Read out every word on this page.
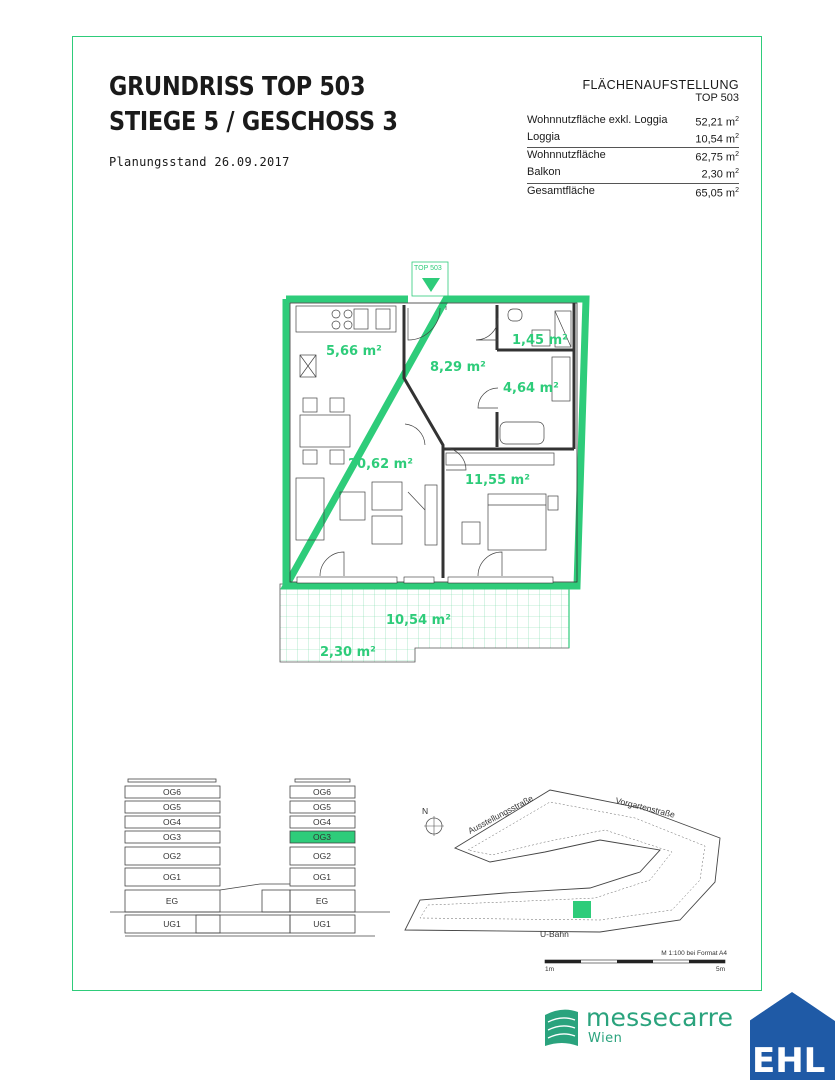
GRUNDRISS TOP 503
STIEGE 5 / GESCHOSS 3
Planungsstand 26.09.2017
FLÄCHENAUFSTELLUNG
TOP 503
Wohnnutzfläche exkl. Loggia	52,21 $m^2$
Loggia	10,54 $m^2$
Wohnnutzfläche	62,75 $m^2$
Balkon	2,30 $m^2$
Gesamtfläche	65,05 $m^2$
TOP 503
5,66 m²
8,29 m²
1,45 m²
4,64 m²
20,62 m²
11,55 m²
10,54 m²
2,30 m²
OG6
OG5
OG4
OG3
OG2
OG1
EG
UG1
OG6
OG5
OG4
OG3
OG2
OG1
EG
UG1
N	Ausstellungsstraße	Vorgartenstraße
U-Bahn
M 1:100 bei Format A4
1m	5m
EHL
messecarre
Wien
